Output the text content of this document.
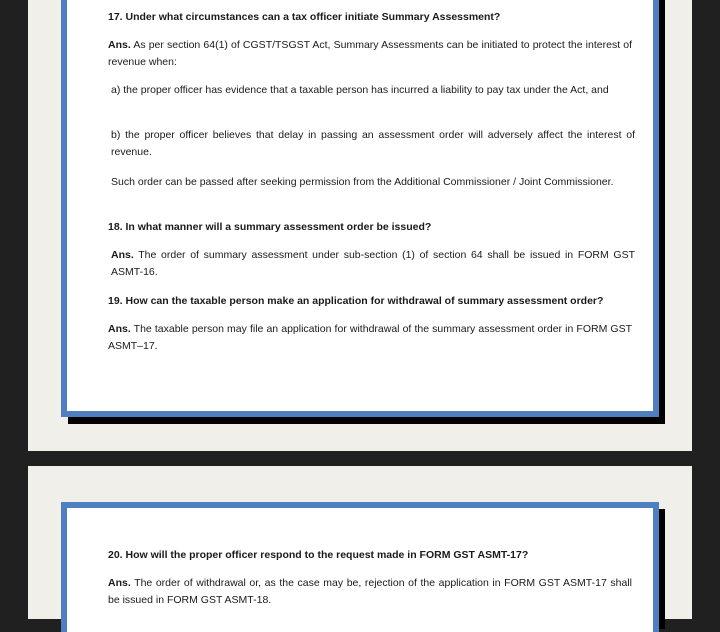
17. Under what circumstances can a tax officer initiate Summary Assessment?

Ans. As per section 64(1) of CGST/TSGST Act, Summary Assessments can be initiated to protect the interest of revenue when:

a) the proper officer has evidence that a taxable person has incurred a liability to pay tax under the Act, and

b) the proper officer believes that delay in passing an assessment order will adversely affect the interest of revenue.

Such order can be passed after seeking permission from the Additional Commissioner / Joint Commissioner.

18. In what manner will a summary assessment order be issued?

Ans. The order of summary assessment under sub-section (1) of section 64 shall be issued in FORM GST ASMT-16.

19. How can the taxable person make an application for withdrawal of summary assessment order?

Ans. The taxable person may file an application for withdrawal of the summary assessment order in FORM GST ASMT–17.

20. How will the proper officer respond to the request made in FORM GST ASMT-17?

Ans. The order of withdrawal or, as the case may be, rejection of the application in FORM GST ASMT-17 shall be issued in FORM GST ASMT-18.
